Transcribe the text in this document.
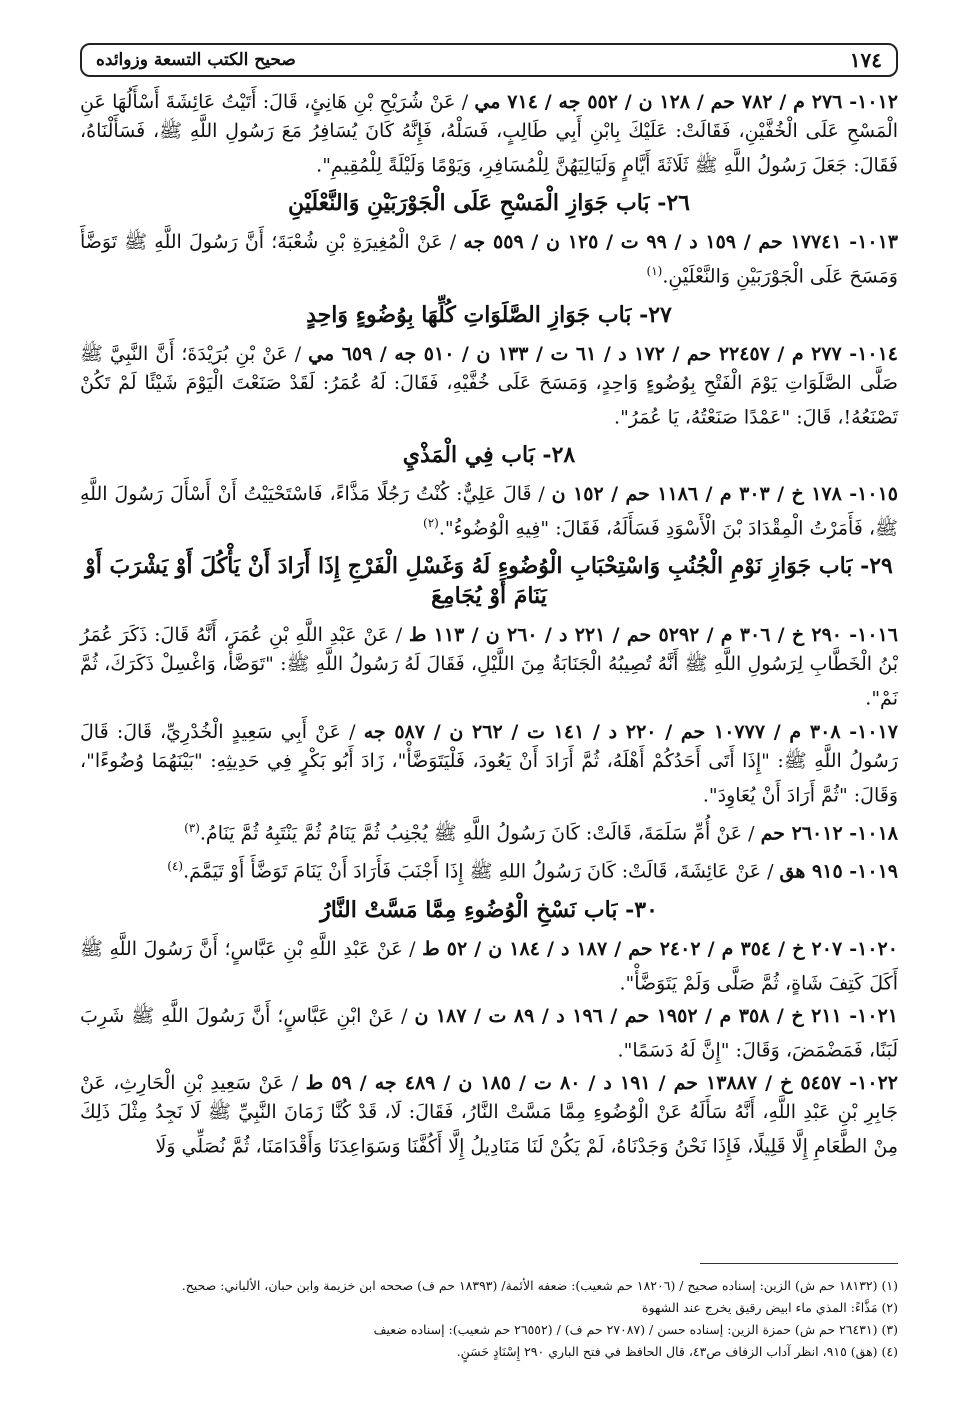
١٧٤
صحيح الكتب التسعة وزوائده

١٠١٢- ٢٧٦ م / ٧٨٢ حم / ١٢٨ ن / ٥٥٢ جه / ٧١٤ مي / عَنْ شُرَيْحِ بْنِ هَانِئٍ، قَالَ: أَتَيْتُ عَائِشَةَ أَسْأَلُهَا عَنِ الْمَسْحِ عَلَى الْخُفَّيْنِ، فَقَالَتْ: عَلَيْكَ بِابْنِ أَبِي طَالِبٍ، فَسَلْهُ، فَإِنَّهُ كَانَ يُسَافِرُ مَعَ رَسُولِ اللَّهِ ﷺ، فَسَأَلْنَاهُ، فَقَالَ: جَعَلَ رَسُولُ اللَّهِ ﷺ ثَلَاثَةَ أَيَّامٍ وَلَيَالِيَهُنَّ لِلْمُسَافِرِ، وَيَوْمًا وَلَيْلَةً لِلْمُقِيمِ".

٢٦- بَاب جَوَازِ الْمَسْحِ عَلَى الْجَوْرَبَيْنِ وَالنَّعْلَيْنِ

١٠١٣- ١٧٧٤١ حم / ١٥٩ د / ٩٩ ت / ١٢٥ ن / ٥٥٩ جه / عَنْ الْمُغِيرَةِ بْنِ شُعْبَةَ؛ أَنَّ رَسُولَ اللَّهِ ﷺ تَوَضَّأَ وَمَسَحَ عَلَى الْجَوْرَبَيْنِ وَالنَّعْلَيْنِ.$^{(١)}$

٢٧- بَاب جَوَازِ الصَّلَوَاتِ كُلِّهَا بِوُضُوءٍ وَاحِدٍ

١٠١٤- ٢٧٧ م / ٢٢٤٥٧ حم / ١٧٢ د / ٦١ ت / ١٣٣ ن / ٥١٠ جه / ٦٥٩ مي / عَنْ بْنِ بُرَيْدَةَ؛ أَنَّ النَّبِيَّ ﷺ صَلَّى الصَّلَوَاتِ يَوْمَ الْفَتْحِ بِوُضُوءٍ وَاحِدٍ، وَمَسَحَ عَلَى خُفَّيْهِ، فَقَالَ: لَهُ عُمَرُ: لَقَدْ صَنَعْتَ الْيَوْمَ شَيْئًا لَمْ تَكُنْ تَصْنَعُهُ!، قَالَ: "عَمْدًا صَنَعْتُهُ، يَا عُمَرُ".

٢٨- بَاب فِي الْمَذْيِ

١٠١٥- ١٧٨ خ / ٣٠٣ م / ١١٨٦ حم / ١٥٢ ن / قَالَ عَلِيٌّ: كُنْتُ رَجُلًا مَذَّاءً، فَاسْتَحْيَيْتُ أَنْ أَسْأَلَ رَسُولَ اللَّهِ ﷺ، فَأَمَرْتُ الْمِقْدَادَ بْنَ الْأَسْوَدِ فَسَأَلَهُ، فَقَالَ: "فِيهِ الْوُضُوءُ".$^{(٢)}$

٢٩- بَاب جَوَازِ نَوْمِ الْجُنُبِ وَاسْتِحْبَابِ الْوُضُوءِ لَهُ وَغَسْلِ الْفَرْجِ إِذَا أَرَادَ أَنْ يَأْكُلَ أَوْ يَشْرَبَ أَوْ يَنَامَ أَوْ يُجَامِعَ

١٠١٦- ٢٩٠ خ / ٣٠٦ م / ٥٢٩٢ حم / ٢٢١ د / ٢٦٠ ن / ١١٣ ط / عَنْ عَبْدِ اللَّهِ بْنِ عُمَرَ، أَنَّهُ قَالَ: ذَكَرَ عُمَرُ بْنُ الْخَطَّابِ لِرَسُولِ اللَّهِ ﷺ أَنَّهُ تُصِيبُهُ الْجَنَابَةُ مِنَ اللَّيْلِ، فَقَالَ لَهُ رَسُولُ اللَّهِ ﷺ: "تَوَضَّأْ، وَاغْسِلْ ذَكَرَكَ، ثُمَّ نَمْ".

١٠١٧- ٣٠٨ م / ١٠٧٧٧ حم / ٢٢٠ د / ١٤١ ت / ٢٦٢ ن / ٥٨٧ جه / عَنْ أَبِي سَعِيدٍ الْخُدْرِيِّ، قَالَ: قَالَ رَسُولُ اللَّهِ ﷺ: "إِذَا أَتَى أَحَدُكُمْ أَهْلَهُ، ثُمَّ أَرَادَ أَنْ يَعُودَ، فَلْيَتَوَضَّأْ"، زَادَ أَبُو بَكْرٍ فِي حَدِيثِهِ: "بَيْنَهُمَا وُضُوءًا"، وَقَالَ: "ثُمَّ أَرَادَ أَنْ يُعَاوِدَ".

١٠١٨- ٢٦٠١٢ حم / عَنْ أُمِّ سَلَمَةَ، قَالَتْ: كَانَ رَسُولُ اللَّهِ ﷺ يُجْنِبُ ثُمَّ يَنَامُ ثُمَّ يَنْتَبِهُ ثُمَّ يَنَامُ.$^{(٣)}$

١٠١٩- ٩١٥ هق / عَنْ عَائِشَةَ، قَالَتْ: كَانَ رَسُولُ اللهِ ﷺ إِذَا أَجْنَبَ فَأَرَادَ أَنْ يَنَامَ تَوَضَّأَ أَوْ تَيَمَّمَ.$^{(٤)}$

٣٠- بَاب نَسْخِ الْوُضُوءِ مِمَّا مَسَّتْ النَّارُ

١٠٢٠- ٢٠٧ خ / ٣٥٤ م / ٢٤٠٢ حم / ١٨٧ د / ١٨٤ ن / ٥٢ ط / عَنْ عَبْدِ اللَّهِ بْنِ عَبَّاسٍ؛ أَنَّ رَسُولَ اللَّهِ ﷺ أَكَلَ كَتِفَ شَاةٍ، ثُمَّ صَلَّى وَلَمْ يَتَوَضَّأْ".

١٠٢١- ٢١١ خ / ٣٥٨ م / ١٩٥٢ حم / ١٩٦ د / ٨٩ ت / ١٨٧ ن / عَنْ ابْنِ عَبَّاسٍ؛ أَنَّ رَسُولَ اللَّهِ ﷺ شَرِبَ لَبَنًا، فَمَضْمَضَ، وَقَالَ: "إِنَّ لَهُ دَسَمًا".

١٠٢٢- ٥٤٥٧ خ / ١٣٨٨٧ حم / ١٩١ د / ٨٠ ت / ١٨٥ ن / ٤٨٩ جه / ٥٩ ط / عَنْ سَعِيدِ بْنِ الْحَارِثِ، عَنْ جَابِرِ بْنِ عَبْدِ اللَّهِ، أَنَّهُ سَأَلَهُ عَنْ الْوُضُوءِ مِمَّا مَسَّتْ النَّارُ، فَقَالَ: لَا، قَدْ كُنَّا زَمَانَ النَّبِيِّ ﷺ لَا نَجِدُ مِثْلَ ذَلِكَ مِنْ الطَّعَامِ إِلَّا قَلِيلًا، فَإِذَا نَحْنُ وَجَدْنَاهُ، لَمْ يَكُنْ لَنَا مَنَادِيلُ إِلَّا أَكُفَّنَا وَسَوَاعِدَنَا وَأَقْدَامَنَا، ثُمَّ نُصَلِّي وَلَا

(١) (١٨١٣٢ حم ش) الزين: إسناده صحيح / (١٨٢٠٦ حم شعيب): ضعفه الأئمة/ (١٨٣٩٣ حم ف) صححه ابن خزيمة وابن حبان، الألباني: صحيح.
(٢) مَذَّاءً: المذي ماء ابيض رقيق يخرج عند الشهوة
(٣) (٢٦٤٣١ حم ش) حمزة الزين: إسناده حسن / (٢٧٠٨٧ حم ف) / (٢٦٥٥٢ حم شعيب): إسناده ضعيف
(٤) (هق) ٩١٥، انظر آداب الزفاف ص٤٣، قال الحافظ في فتح الباري ٢٩٠ إِسْنَادٍ حَسَنٍ.
